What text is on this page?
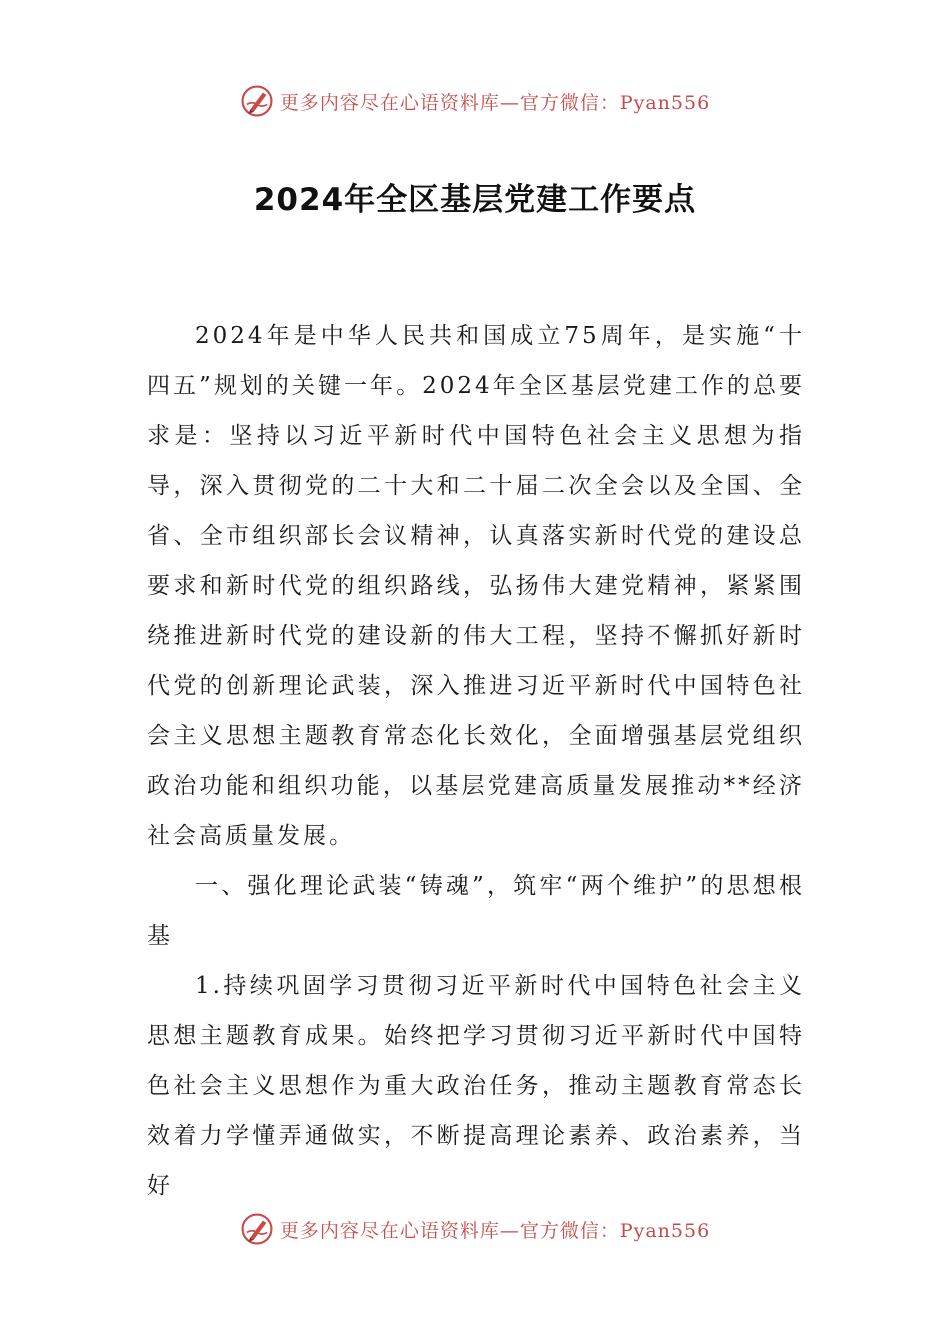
更多内容尽在心语资料库—官方微信：Pyan556
2024年全区基层党建工作要点

2024年是中华人民共和国成立75周年，是实施“十四五”规划的关键一年。2024年全区基层党建工作的总要求是：坚持以习近平新时代中国特色社会主义思想为指导，深入贯彻党的二十大和二十届二次全会以及全国、全省、全市组织部长会议精神，认真落实新时代党的建设总要求和新时代党的组织路线，弘扬伟大建党精神，紧紧围绕推进新时代党的建设新的伟大工程，坚持不懈抓好新时代党的创新理论武装，深入推进习近平新时代中国特色社会主义思想主题教育常态化长效化，全面增强基层党组织政治功能和组织功能，以基层党建高质量发展推动**经济社会高质量发展。

一、强化理论武装“铸魂”，筑牢“两个维护”的思想根基

1.持续巩固学习贯彻习近平新时代中国特色社会主义思想主题教育成果。始终把学习贯彻习近平新时代中国特色社会主义思想作为重大政治任务，推动主题教育常态长效着力学懂弄通做实，不断提高理论素养、政治素养，当好

更多内容尽在心语资料库—官方微信：Pyan556
